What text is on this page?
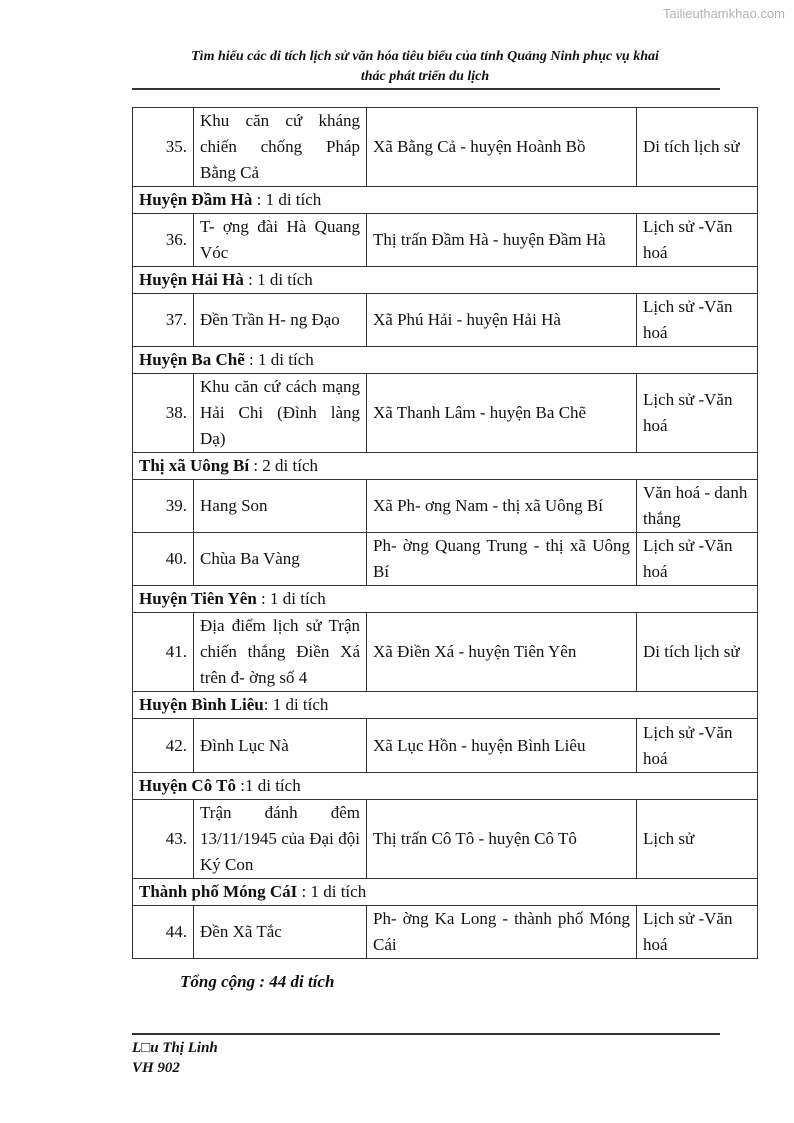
Tailieuthamkhao.com
Tìm hiểu các di tích lịch sử văn hóa tiêu biểu của tỉnh Quảng Ninh phục vụ khai
thác phát triển du lịch
35.	Khu căn cứ kháng chiến chống Pháp Bằng Cả	Xã Bằng Cả - huyện Hoành Bồ	Di tích lịch sử
Huyện Đầm Hà : 1 di tích			
36.	T- ợng đài Hà Quang Vóc	Thị trấn Đầm Hà - huyện Đầm Hà	Lịch sử -Văn hoá
Huyện Hải Hà : 1 di tích			
37.	Đền Trần H- ng Đạo	Xã Phú Hải - huyện Hải Hà	Lịch sử -Văn hoá
Huyện Ba Chẽ : 1 di tích			
38.	Khu căn cứ cách mạng Hải Chi (Đình làng Dạ)	Xã Thanh Lâm - huyện Ba Chẽ	Lịch sử -Văn hoá
Thị xã Uông Bí : 2 di tích			
39.	Hang Son	Xã Ph- ơng Nam - thị xã Uông Bí	Văn hoá - danh thắng
40.	Chùa Ba Vàng	Ph- ờng Quang Trung - thị xã Uông Bí	Lịch sử -Văn hoá
Huyện Tiên Yên : 1 di tích			
41.	Địa điểm lịch sử Trận chiến thắng Điền Xá trên đ- ờng số 4	Xã Điền Xá - huyện Tiên Yên	Di tích lịch sử
Huyện Bình Liêu: 1 di tích			
42.	Đình Lục Nà	Xã Lục Hồn - huyện Bình Liêu	Lịch sử -Văn hoá
Huyện Cô Tô :1 di tích			
43.	Trận đánh đêm 13/11/1945 của Đại đội Ký Con	Thị trấn Cô Tô - huyện Cô Tô	Lịch sử
Thành phố Móng CáI : 1 di tích			
44.	Đền Xã Tắc	Ph- ờng Ka Long - thành phố Móng Cái	Lịch sử -Văn hoá
Tổng cộng : 44 di tích
L□u Thị Linh
VH 902
